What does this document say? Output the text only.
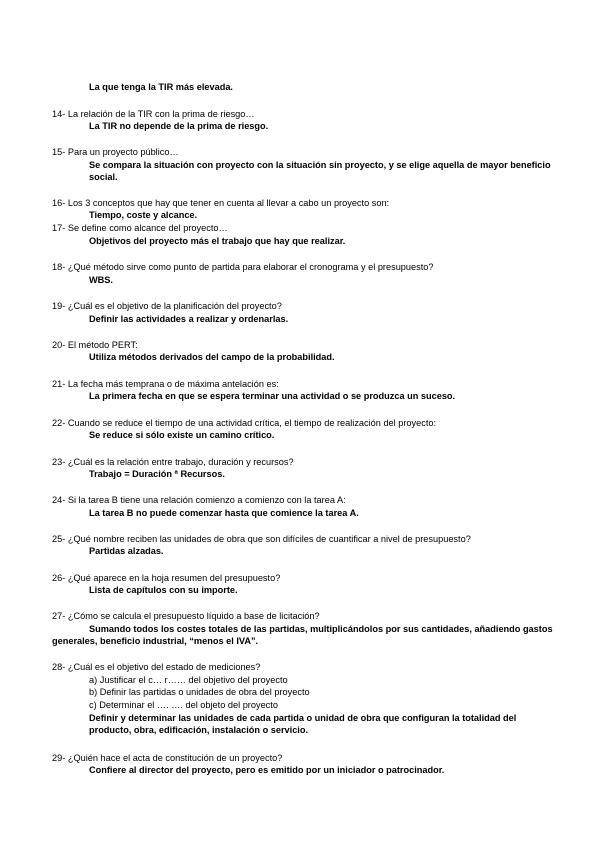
La que tenga la TIR más elevada.
14- La relación de la TIR con la prima de riesgo…
La TIR no depende de la prima de riesgo.
15- Para un proyecto público…
Se compara la situación con proyecto con la situación sin proyecto, y se elige aquella de mayor beneficio
social.
16- Los 3 conceptos que hay que tener en cuenta al llevar a cabo un proyecto son:
Tiempo, coste y alcance.
17- Se define como alcance del proyecto…
Objetivos del proyecto más el trabajo que hay que realizar.
18- ¿Qué método sirve como punto de partida para elaborar el cronograma y el presupuesto?
WBS.
19- ¿Cuál es el objetivo de la planificación del proyecto?
Definir las actividades a realizar y ordenarlas.
20- El método PERT:
Utiliza métodos derivados del campo de la probabilidad.
21- La fecha más temprana o de máxima antelación es:
La primera fecha en que se espera terminar una actividad o se produzca un suceso.
22- Cuando se reduce el tiempo de una actividad crítica, el tiempo de realización del proyecto:
Se reduce si sólo existe un camino crítico.
23- ¿Cuál es la relación entre trabajo, duración y recursos?
Trabajo = Duración ª Recursos.
24- Si la tarea B tiene una relación comienzo a comienzo con la tarea A:
La tarea B no puede comenzar hasta que comience la tarea A.
25- ¿Qué nombre reciben las unidades de obra que son difíciles de cuantificar a nivel de presupuesto?
Partidas alzadas.
26- ¿Qué aparece en la hoja resumen del presupuesto?
Lista de capítulos con su importe.
27- ¿Cómo se calcula el presupuesto líquido a base de licitación?
Sumando todos los costes totales de las partidas, multiplicándolos por sus cantidades, añadiendo gastos
generales, beneficio industrial, “menos el IVA”.
28- ¿Cuál es el objetivo del estado de mediciones?
a) Justificar el c… r…… del objetivo del proyecto
b) Definir las partidas o unidades de obra del proyecto
c) Determinar el …. …. del objeto del proyecto
Definir y determinar las unidades de cada partida o unidad de obra que configuran la totalidad del
producto, obra, edificación, instalación o servicio.
29- ¿Quién hace el acta de constitución de un proyecto?
Confiere al director del proyecto, pero es emitido por un iniciador o patrocinador.
